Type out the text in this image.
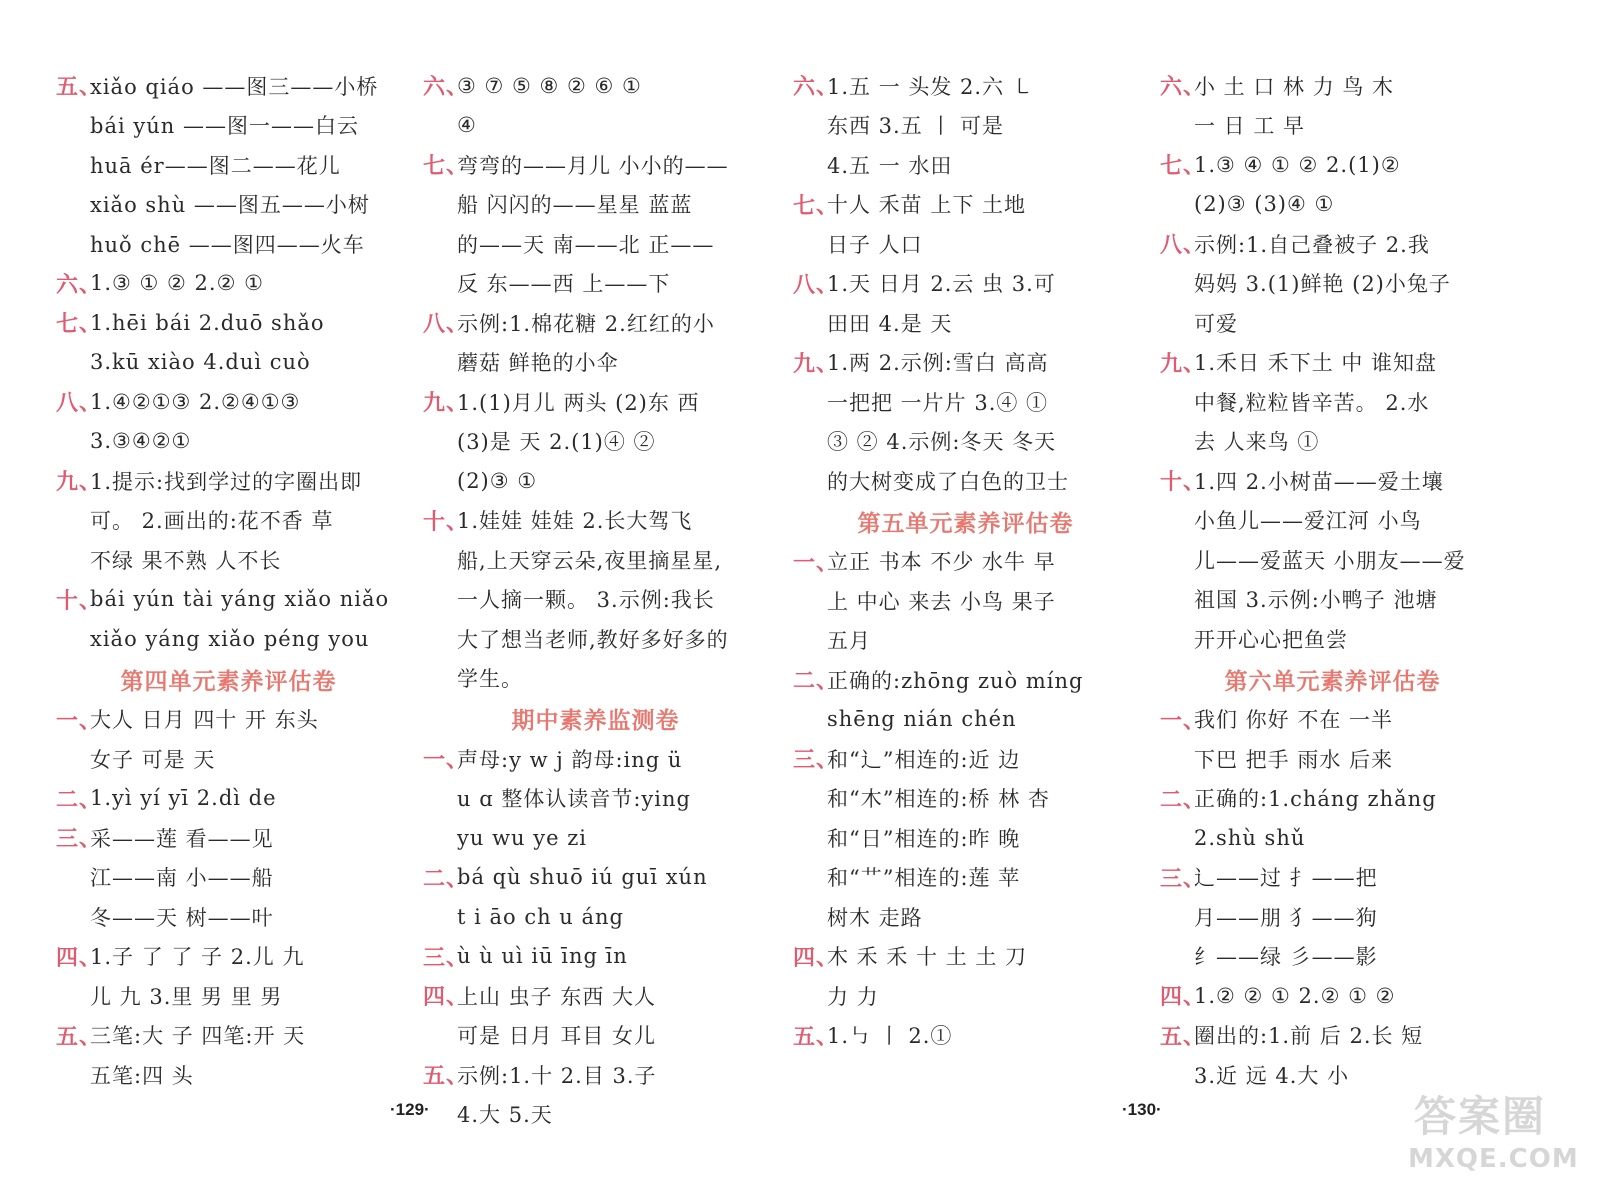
五、
xiǎo qiáo ——图三——小桥
bái yún ——图一——白云
huā ér——图二——花儿
xiǎo shù ——图五——小树
huǒ chē ——图四——火车
六、
1.③ ① ② 2.② ①
七、
1.hēi bái 2.duō shǎo
3.kū xiào 4.duì cuò
八、
1.④②①③ 2.②④①③
3.③④②①
九、
1.提示:找到学过的字圈出即
可。 2.画出的:花不香 草
不绿 果不熟 人不长
十、
bái yún tài yáng xiǎo niǎo
xiǎo yáng xiǎo péng you
第四单元素养评估卷
一、
大人 日月 四十 开 东头
女子 可是 天
二、
1.yì yí yī 2.dì de
三、
采——莲 看——见
江——南 小——船
冬——天 树——叶
四、
1.子 了 了 子 2.儿 九
儿 九 3.里 男 里 男
五、
三笔:大 子 四笔:开 天
五笔:四 头
六、
③ ⑦ ⑤ ⑧ ② ⑥ ①
④
七、
弯弯的——月儿 小小的——
船 闪闪的——星星 蓝蓝
的——天 南——北 正——
反 东——西 上——下
八、
示例:1.棉花糖 2.红红的小
蘑菇 鲜艳的小伞
九、
1.(1)月儿 两头 (2)东 西
(3)是 天 2.(1)④ ②
(2)③ ①
十、
1.娃娃 娃娃 2.长大驾飞
船,上天穿云朵,夜里摘星星,
一人摘一颗。 3.示例:我长
大了想当老师,教好多好多的
学生。
期中素养监测卷
一、
声母:y w j 韵母:ing ü
u ɑ 整体认读音节:ying
yu wu ye zi
二、
bá qù shuō iú guī xún
t i āo ch u áng
三、
ù ù uì iū īng īn
四、
上山 虫子 东西 大人
可是 日月 耳目 女儿
五、
示例:1.十 2.目 3.子
4.大 5.天
六、
1.五 一 头发 2.六 ㇄
东西 3.五 丨 可是
4.五 一 水田
七、
十人 禾苗 上下 土地
日子 人口
八、
1.天 日月 2.云 虫 3.可
田田 4.是 天
九、
1.两 2.示例:雪白 高高
一把把 一片片 3.④ ①
③ ② 4.示例:冬天 冬天
的大树变成了白色的卫士
第五单元素养评估卷
一、
立正 书本 不少 水牛 早
上 中心 来去 小鸟 果子
五月
二、
正确的:zhōng zuò míng
shēng nián chén
三、
和“辶”相连的:近 边
和“木”相连的:桥 林 杏
和“日”相连的:昨 晚
和“艹”相连的:莲 苹
树木 走路
四、
木 禾 禾 十 土 土 刀
力 力
五、
1.㇉ 丨 2.①
六、
小 土 口 林 力 鸟 木
一 日 工 早
七、
1.③ ④ ① ② 2.(1)②
(2)③ (3)④ ①
八、
示例:1.自己叠被子 2.我
妈妈 3.(1)鲜艳 (2)小兔子
可爱
九、
1.禾日 禾下土 中 谁知盘
中餐,粒粒皆辛苦。 2.水
去 人来鸟 ①
十、
1.四 2.小树苗——爱土壤
小鱼儿——爱江河 小鸟
儿——爱蓝天 小朋友——爱
祖国 3.示例:小鸭子 池塘
开开心心把鱼尝
第六单元素养评估卷
一、
我们 你好 不在 一半
下巴 把手 雨水 后来
二、
正确的:1.cháng zhǎng
2.shù shǔ
三、
辶——过 扌——把
月——朋 犭——狗
纟——绿 彡——影
四、
1.② ② ① 2.② ① ②
五、
圈出的:1.前 后 2.长 短
3.近 远 4.大 小
·129·	·130·	答案圈
MXQE.COM
